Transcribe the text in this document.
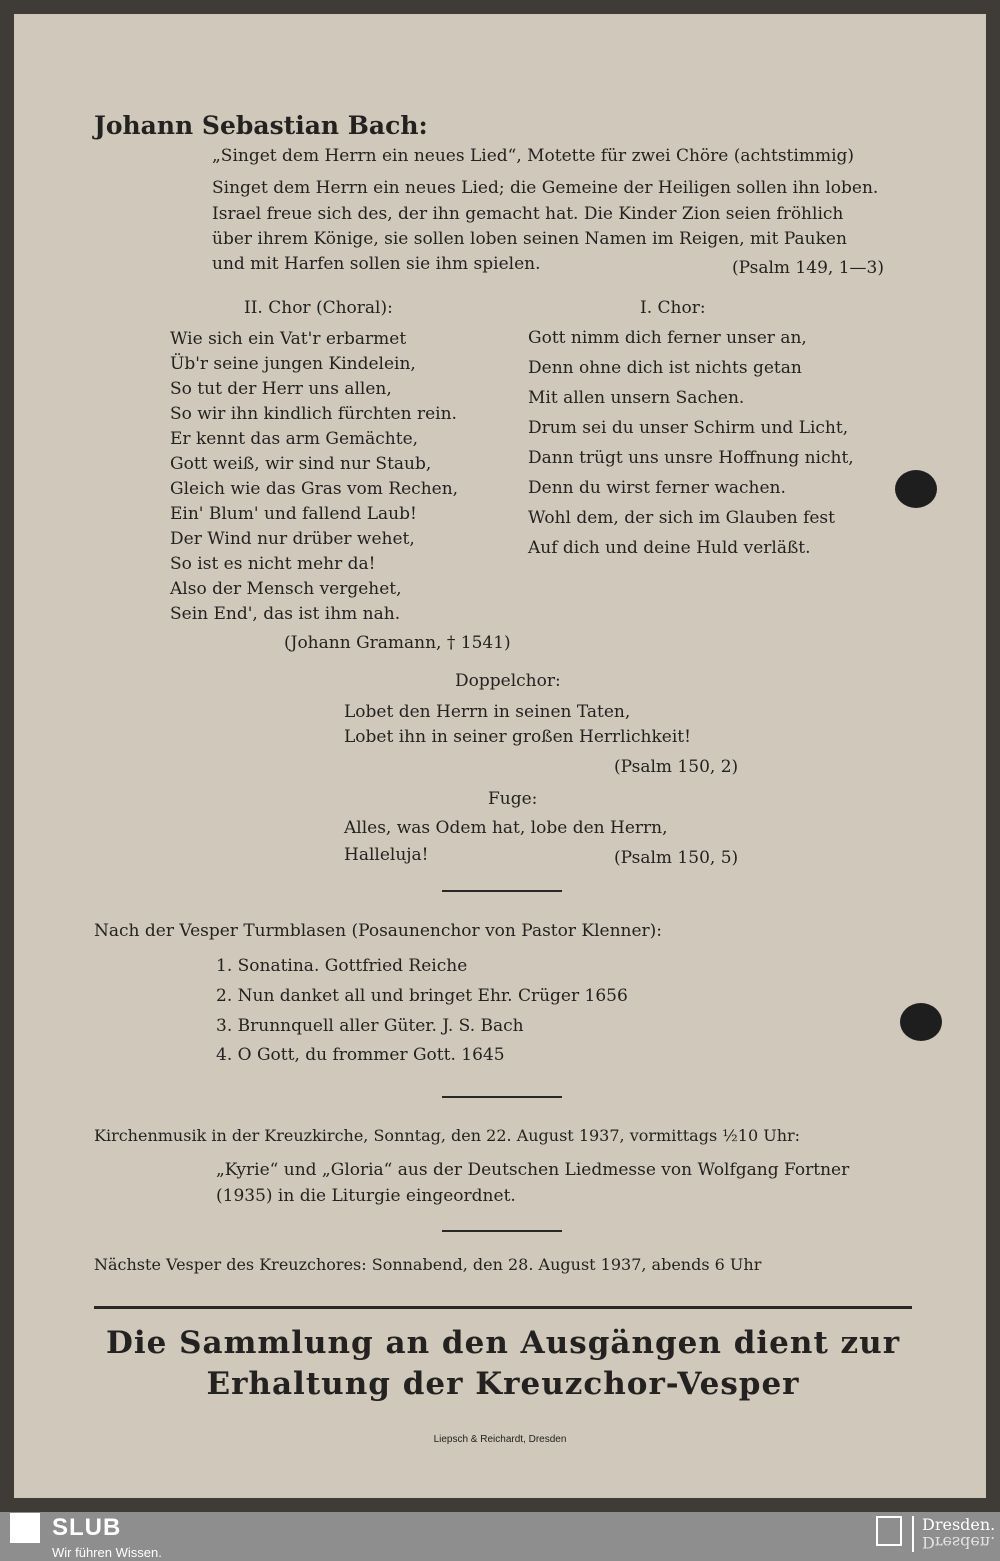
Johann Sebastian Bach:
„Singet dem Herrn ein neues Lied“, Motette für zwei Chöre (achtstimmig)
Singet dem Herrn ein neues Lied; die Gemeine der Heiligen sollen ihn loben.
Israel freue sich des, der ihn gemacht hat. Die Kinder Zion seien fröhlich
über ihrem Könige, sie sollen loben seinen Namen im Reigen, mit Pauken
und mit Harfen sollen sie ihm spielen.	(Psalm 149, 1—3)
II. Chor (Choral):
Wie sich ein Vat'r erbarmet
Üb'r seine jungen Kindelein,
So tut der Herr uns allen,
So wir ihn kindlich fürchten rein.
Er kennt das arm Gemächte,
Gott weiß, wir sind nur Staub,
Gleich wie das Gras vom Rechen,
Ein' Blum' und fallend Laub!
Der Wind nur drüber wehet,
So ist es nicht mehr da!
Also der Mensch vergehet,
Sein End', das ist ihm nah.
(Johann Gramann, † 1541)
I. Chor:
Gott nimm dich ferner unser an,
Denn ohne dich ist nichts getan
Mit allen unsern Sachen.
Drum sei du unser Schirm und Licht,
Dann trügt uns unsre Hoffnung nicht,
Denn du wirst ferner wachen.
Wohl dem, der sich im Glauben fest
Auf dich und deine Huld verläßt.
Doppelchor:
Lobet den Herrn in seinen Taten,
Lobet ihn in seiner großen Herrlichkeit!
(Psalm 150, 2)
Fuge:
Alles, was Odem hat, lobe den Herrn,
Halleluja!	(Psalm 150, 5)
Nach der Vesper Turmblasen (Posaunenchor von Pastor Klenner):
1. Sonatina. Gottfried Reiche
2. Nun danket all und bringet Ehr. Crüger 1656
3. Brunnquell aller Güter. J. S. Bach
4. O Gott, du frommer Gott. 1645
Kirchenmusik in der Kreuzkirche, Sonntag, den 22. August 1937, vormittags ½10 Uhr:
„Kyrie“ und „Gloria“ aus der Deutschen Liedmesse von Wolfgang Fortner
(1935) in die Liturgie eingeordnet.
Nächste Vesper des Kreuzchores: Sonnabend, den 28. August 1937, abends 6 Uhr
Die Sammlung an den Ausgängen dient zur
Erhaltung der Kreuzchor-Vesper
Liepsch & Reichardt, Dresden
SLUB
Wir führen Wissen.
Dresden.
Dresden.
